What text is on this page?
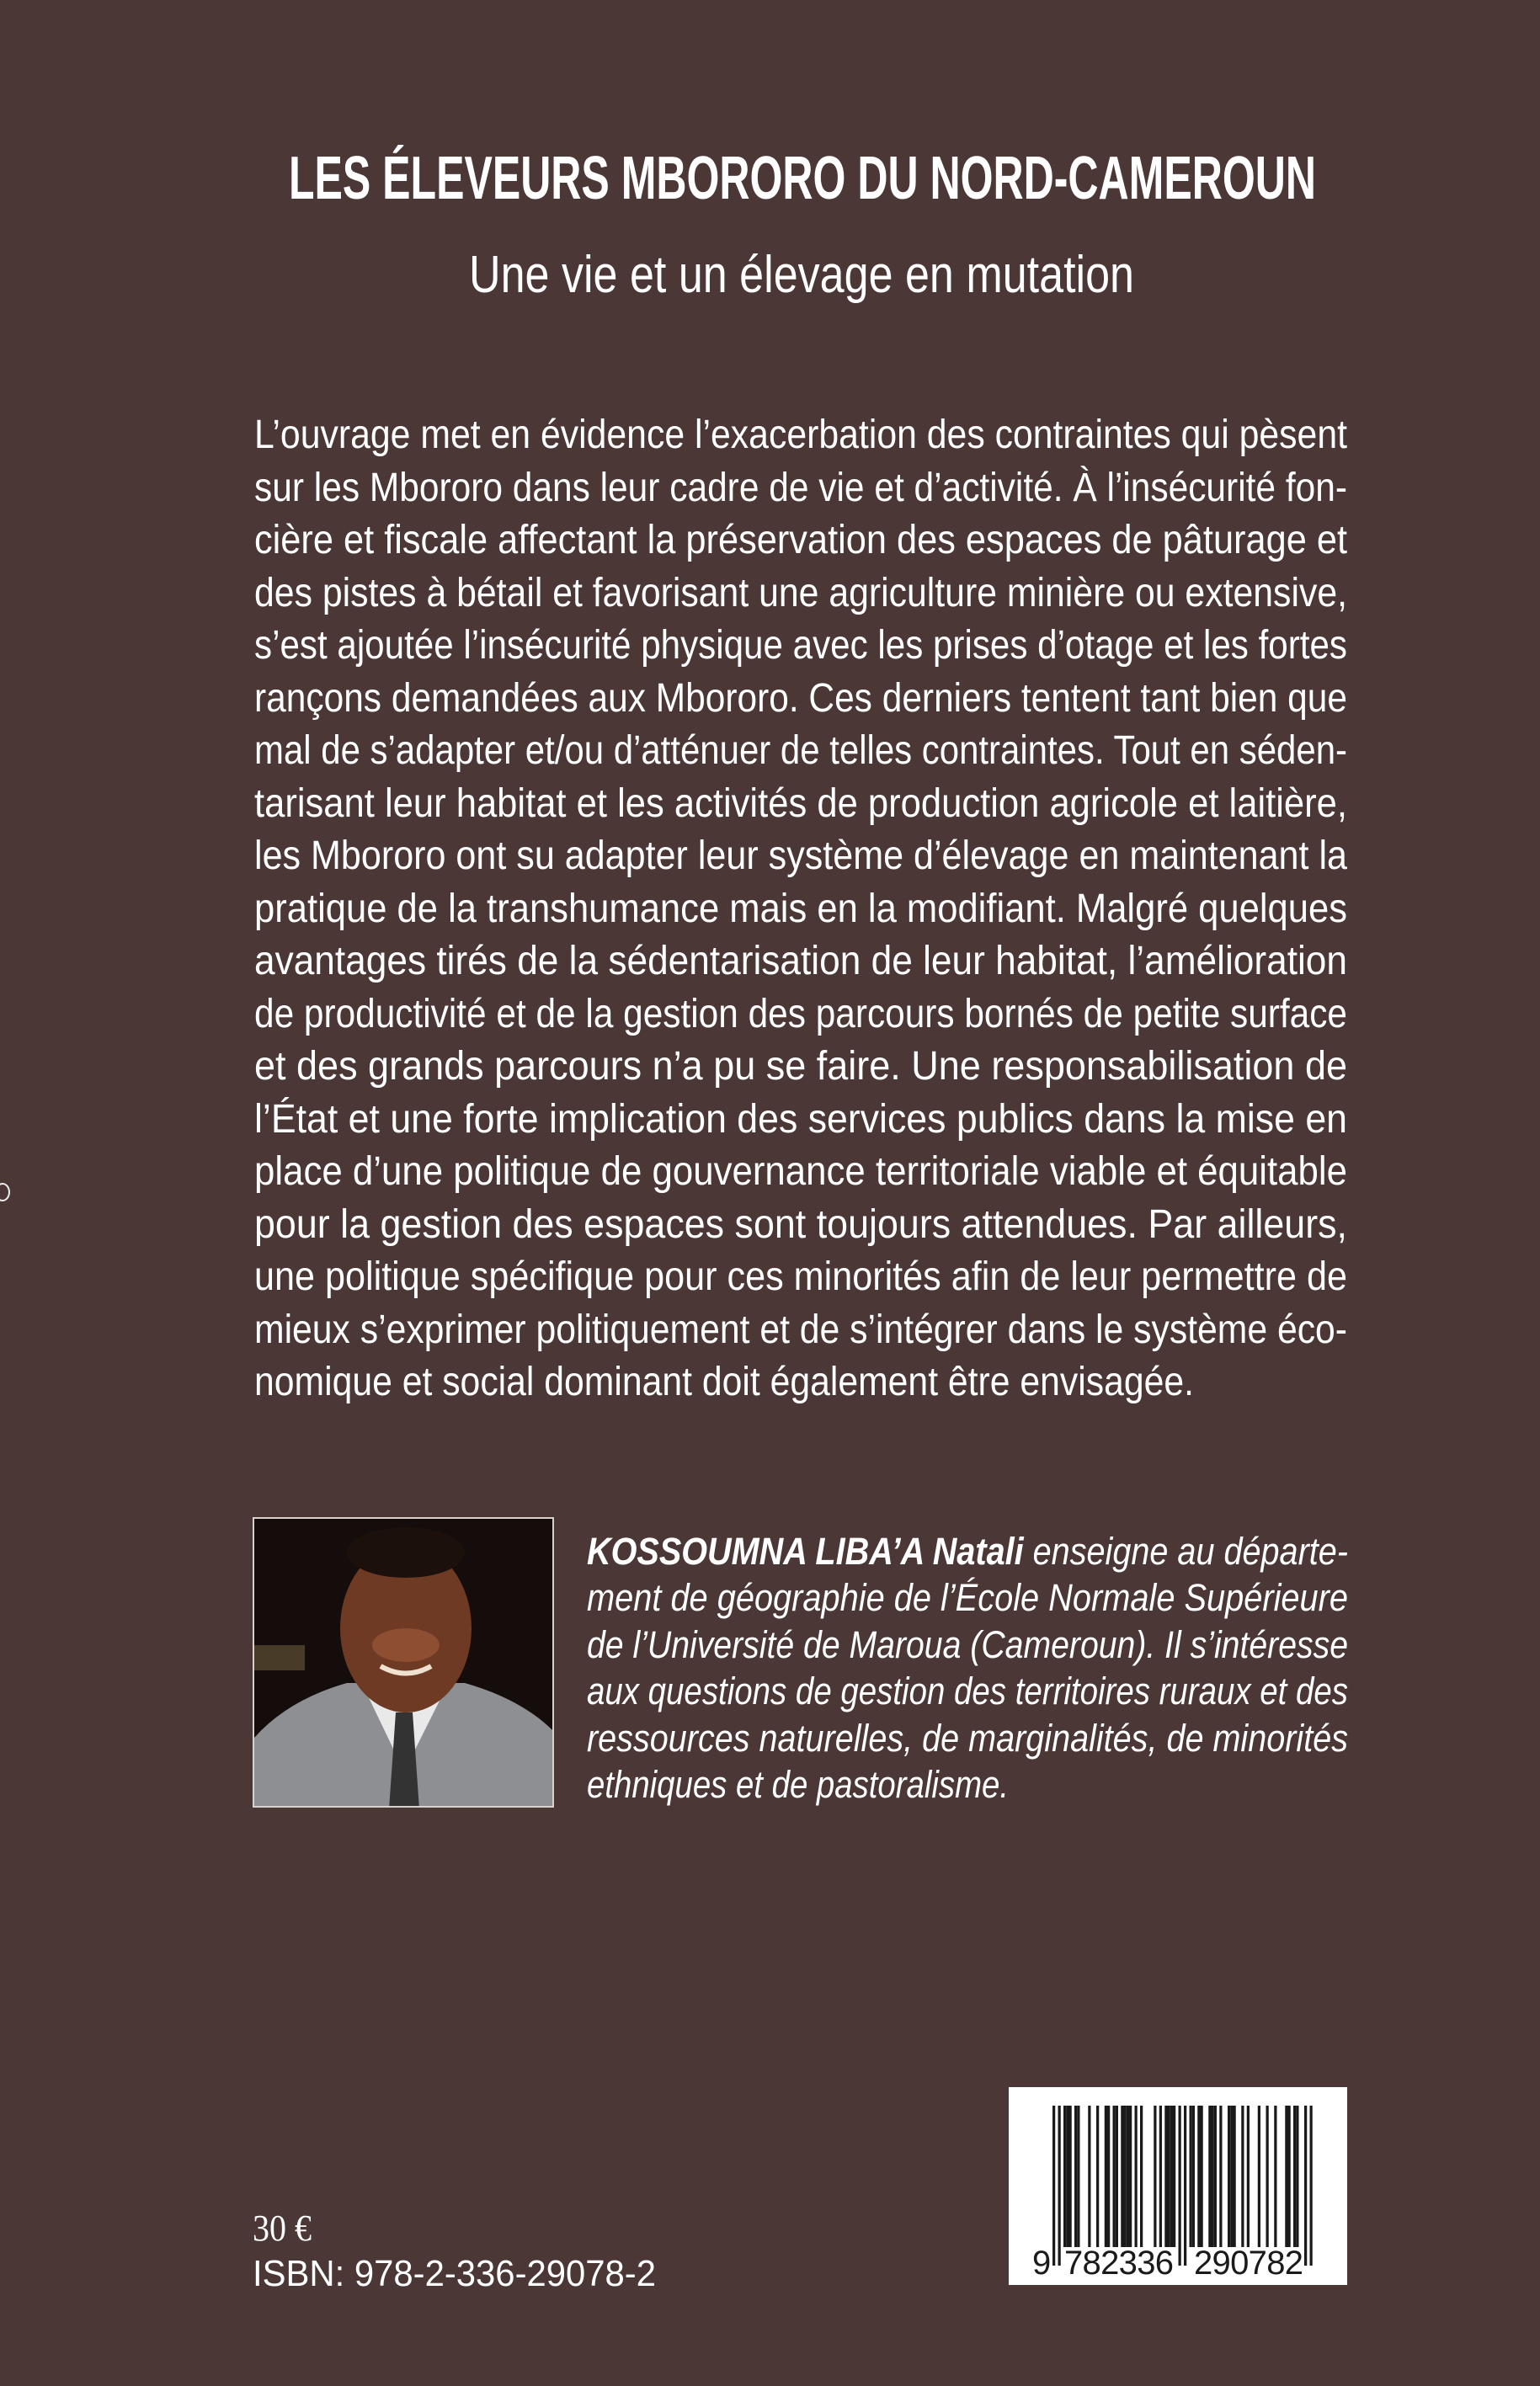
LES ÉLEVEURS MBORORO DU NORD-CAMEROUN
Une vie et un élevage en mutation
L’ouvrage met en évidence l’exacerbation des contraintes qui pèsent
sur les Mbororo dans leur cadre de vie et d’activité. À l’insécurité fon-
cière et fiscale affectant la préservation des espaces de pâturage et
des pistes à bétail et favorisant une agriculture minière ou extensive,
s’est ajoutée l’insécurité physique avec les prises d’otage et les fortes
rançons demandées aux Mbororo. Ces derniers tentent tant bien que
mal de s’adapter et/ou d’atténuer de telles contraintes. Tout en séden-
tarisant leur habitat et les activités de production agricole et laitière,
les Mbororo ont su adapter leur système d’élevage en maintenant la
pratique de la transhumance mais en la modifiant. Malgré quelques
avantages tirés de la sédentarisation de leur habitat, l’amélioration
de productivité et de la gestion des parcours bornés de petite surface
et des grands parcours n’a pu se faire. Une responsabilisation de
l’État et une forte implication des services publics dans la mise en
place d’une politique de gouvernance territoriale viable et équitable
pour la gestion des espaces sont toujours attendues. Par ailleurs,
une politique spécifique pour ces minorités afin de leur permettre de
mieux s’exprimer politiquement et de s’intégrer dans le système éco-
nomique et social dominant doit également être envisagée.
KOSSOUMNA LIBA’A Natali enseigne au départe-
ment de géographie de l’École Normale Supérieure
de l’Université de Maroua (Cameroun). Il s’intéresse
aux questions de gestion des territoires ruraux et des
ressources naturelles, de marginalités, de minorités
ethniques et de pastoralisme.
30 €
ISBN: 978-2-336-29078-2	9 782336 290782
